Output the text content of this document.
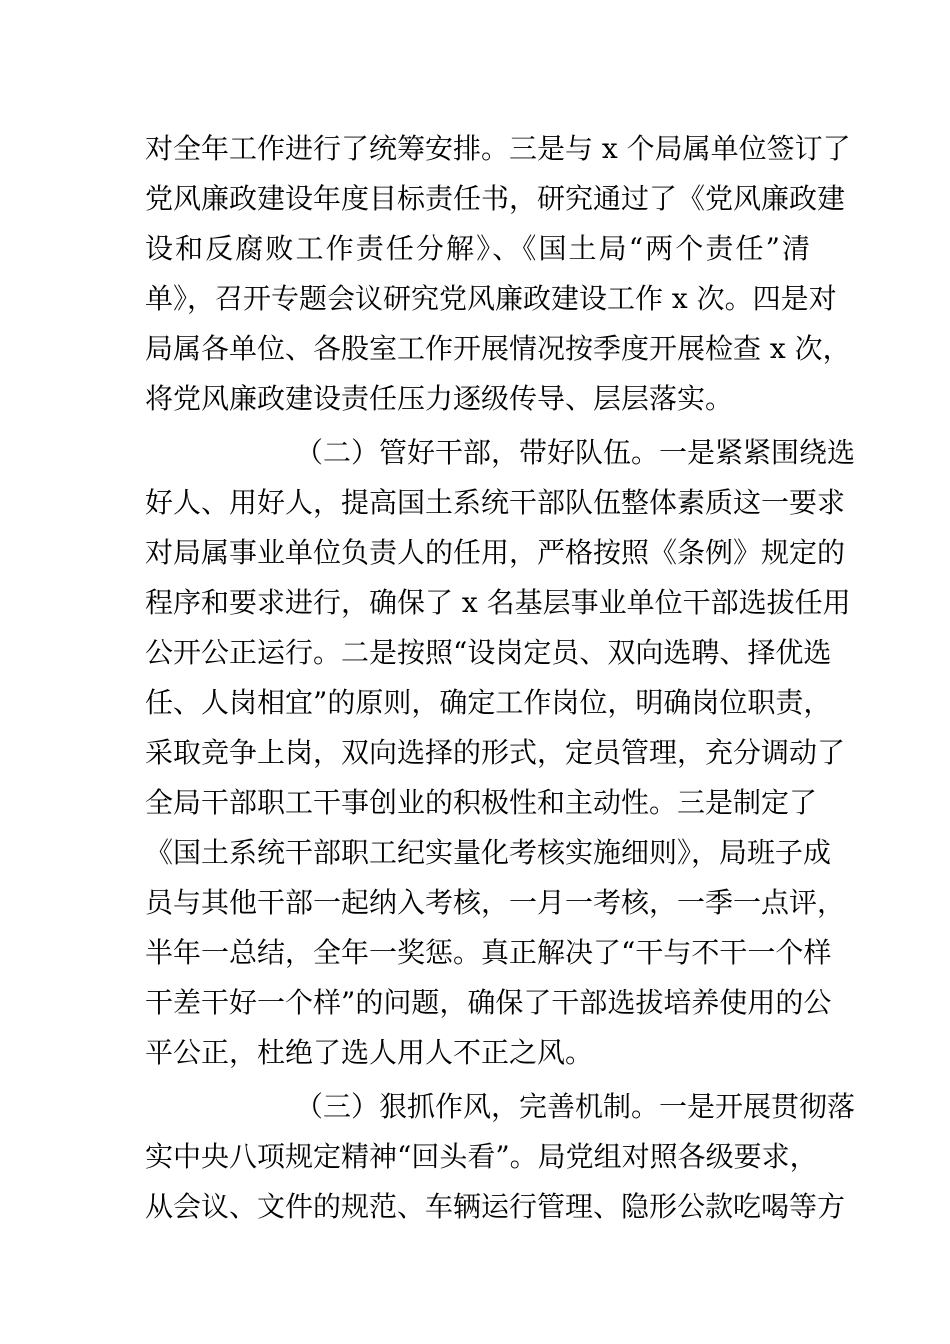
对全年工作进行了统筹安排。三是与 x 个局属单位签订了
党风廉政建设年度目标责任书，研究通过了《党风廉政建
设和反腐败工作责任分解》、《国土局“两个责任”清
单》，召开专题会议研究党风廉政建设工作 x 次。四是对
局属各单位、各股室工作开展情况按季度开展检查 x 次，
将党风廉政建设责任压力逐级传导、层层落实。
（二）管好干部，带好队伍。一是紧紧围绕选
好人、用好人，提高国土系统干部队伍整体素质这一要求
对局属事业单位负责人的任用，严格按照《条例》规定的
程序和要求进行，确保了 x 名基层事业单位干部选拔任用
公开公正运行。二是按照“设岗定员、双向选聘、择优选
任、人岗相宜”的原则，确定工作岗位，明确岗位职责，
采取竞争上岗，双向选择的形式，定员管理，充分调动了
全局干部职工干事创业的积极性和主动性。三是制定了
《国土系统干部职工纪实量化考核实施细则》，局班子成
员与其他干部一起纳入考核，一月一考核，一季一点评，
半年一总结，全年一奖惩。真正解决了“干与不干一个样
干差干好一个样”的问题，确保了干部选拔培养使用的公
平公正，杜绝了选人用人不正之风。
（三）狠抓作风，完善机制。一是开展贯彻落
实中央八项规定精神“回头看”。局党组对照各级要求，
从会议、文件的规范、车辆运行管理、隐形公款吃喝等方
